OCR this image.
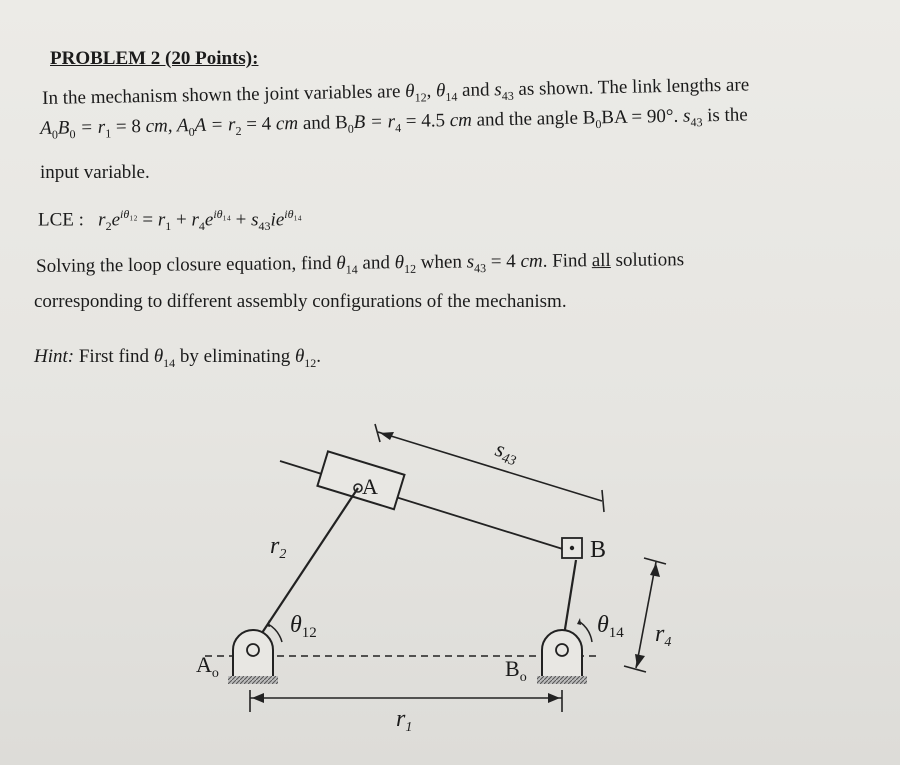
PROBLEM 2 (20 Points):
In the mechanism shown the joint variables are $\theta_{12}$, $\theta_{14}$ and $s_{43}$ as shown. The link lengths are
$A_0B_0 = r_1 = 8$ cm, $A_0A = r_2 = 4$ cm and $B_0B = r_4 = 4.5$ cm and the angle $B_0BA = 90^\circ$. $s_{43}$ is the
input variable.
LCE : $r_2e^{i\theta_{12}} = r_1 + r_4e^{i\theta_{14}} + s_{43}ie^{i\theta_{14}}$
Solving the loop closure equation, find $\theta_{14}$ and $\theta_{12}$ when $s_{43} = 4$ cm. Find all solutions
corresponding to different assembly configurations of the mechanism.
Hint: First find $\theta_{14}$ by eliminating $\theta_{12}$.
A
B
$A_o$	$B_o$
s43
$r_1$
$r_2$
$r_4$
$\theta_{12}$	$\theta_{14}$
